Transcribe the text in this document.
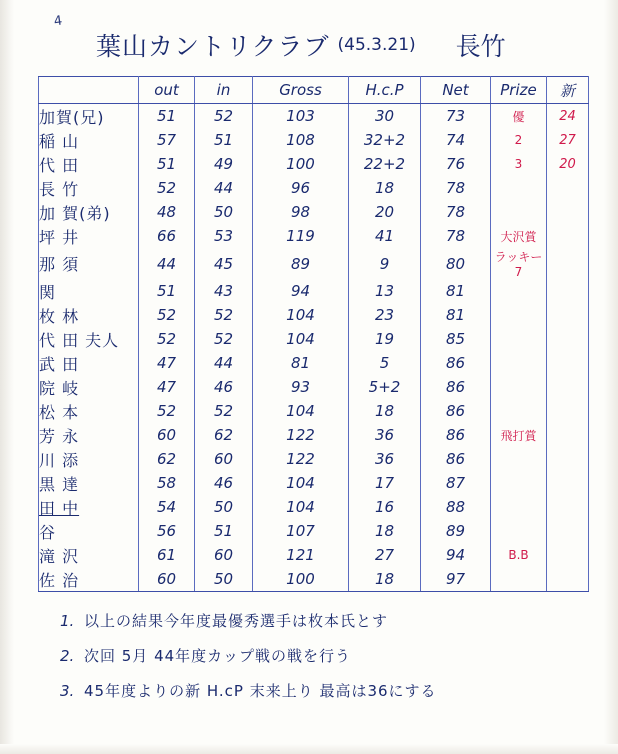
4
葉山カントリクラブ (45.3.21) 長竹
	out	in	Gross	H.c.P	Net	Prize	新
加賀(兄)	51	52	103	30	73	優	24
稲 山	57	51	108	32+2	74	2	27
代 田	51	49	100	22+2	76	3	20
長 竹	52	44	96	18	78		
加 賀(弟)	48	50	98	20	78		
坪 井	66	53	119	41	78	大沢賞	
那 須	44	45	89	9	80	ラッキー7	
関	51	43	94	13	81		
枚 林	52	52	104	23	81		
代 田 夫人	52	52	104	19	85		
武 田	47	44	81	5	86		
院 岐	47	46	93	5+2	86		
松 本	52	52	104	18	86		
芳 永	60	62	122	36	86	飛打賞	
川 添	62	60	122	36	86		
黒 達	58	46	104	17	87		
田 中	54	50	104	16	88		
谷	56	51	107	18	89		
滝 沢	61	60	121	27	94	B.B	
佐 治	60	50	100	18	97		
1. 以上の結果今年度最優秀選手は枚本氏とす
2. 次回 5月 44年度カップ戦の戦を行う
3. 45年度よりの新 H.cP 末来上り 最高は36にする
